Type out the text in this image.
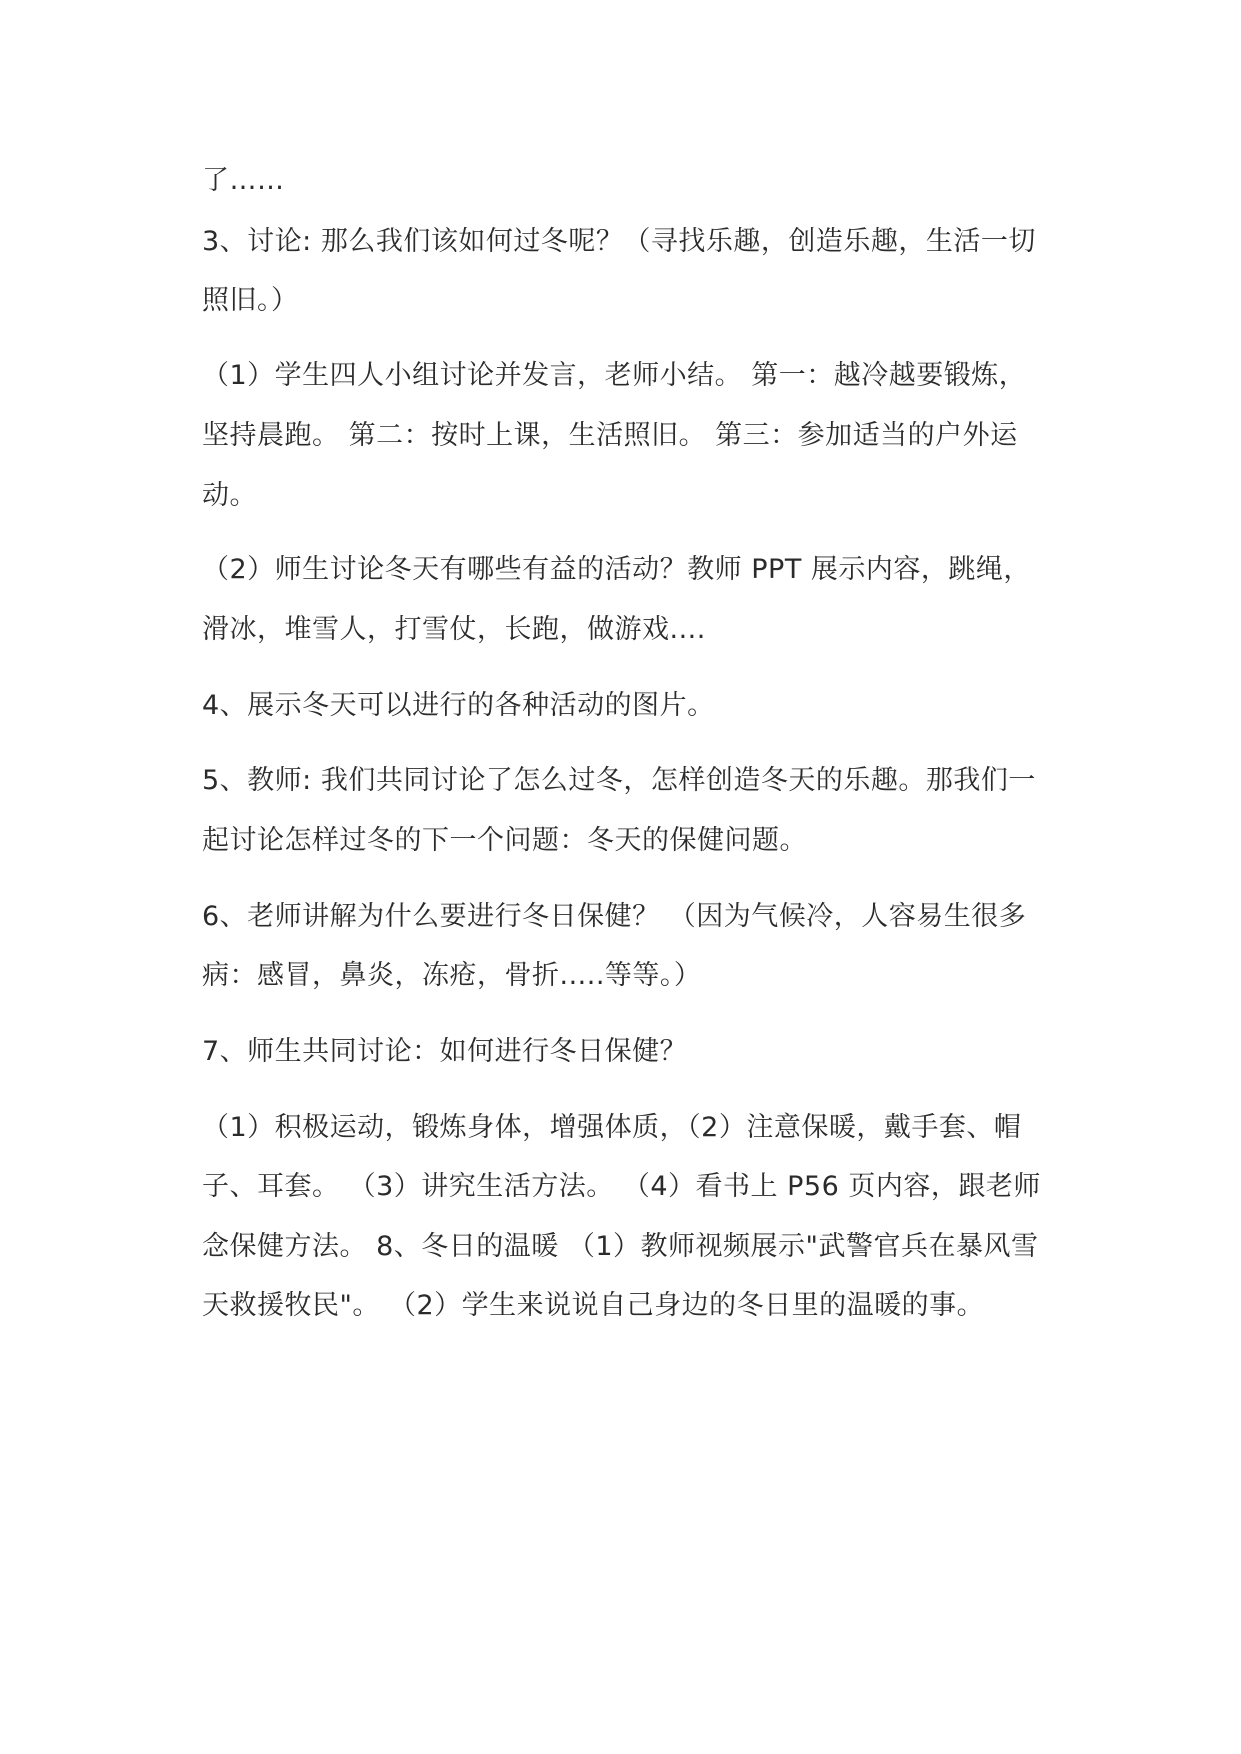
了……
3、讨论: 那么我们该如何过冬呢？（寻找乐趣，创造乐趣，生活一切
照旧。）
（1）学生四人小组讨论并发言，老师小结。 第一：越冷越要锻炼，
坚持晨跑。 第二：按时上课，生活照旧。 第三：参加适当的户外运
动。
（2）师生讨论冬天有哪些有益的活动？教师 PPT 展示内容，跳绳，
滑冰，堆雪人，打雪仗，长跑，做游戏....
4、展示冬天可以进行的各种活动的图片。
5、教师: 我们共同讨论了怎么过冬，怎样创造冬天的乐趣。那我们一
起讨论怎样过冬的下一个问题：冬天的保健问题。
6、老师讲解为什么要进行冬日保健？ （因为气候冷，人容易生很多
病：感冒，鼻炎，冻疮，骨折.....等等。）
7、师生共同讨论：如何进行冬日保健？
（1）积极运动，锻炼身体，增强体质，（2）注意保暖，戴手套、帽
子、耳套。 （3）讲究生活方法。 （4）看书上 P56 页内容，跟老师
念保健方法。 8、冬日的温暖 （1）教师视频展示"武警官兵在暴风雪
天救援牧民"。 （2）学生来说说自己身边的冬日里的温暖的事。
